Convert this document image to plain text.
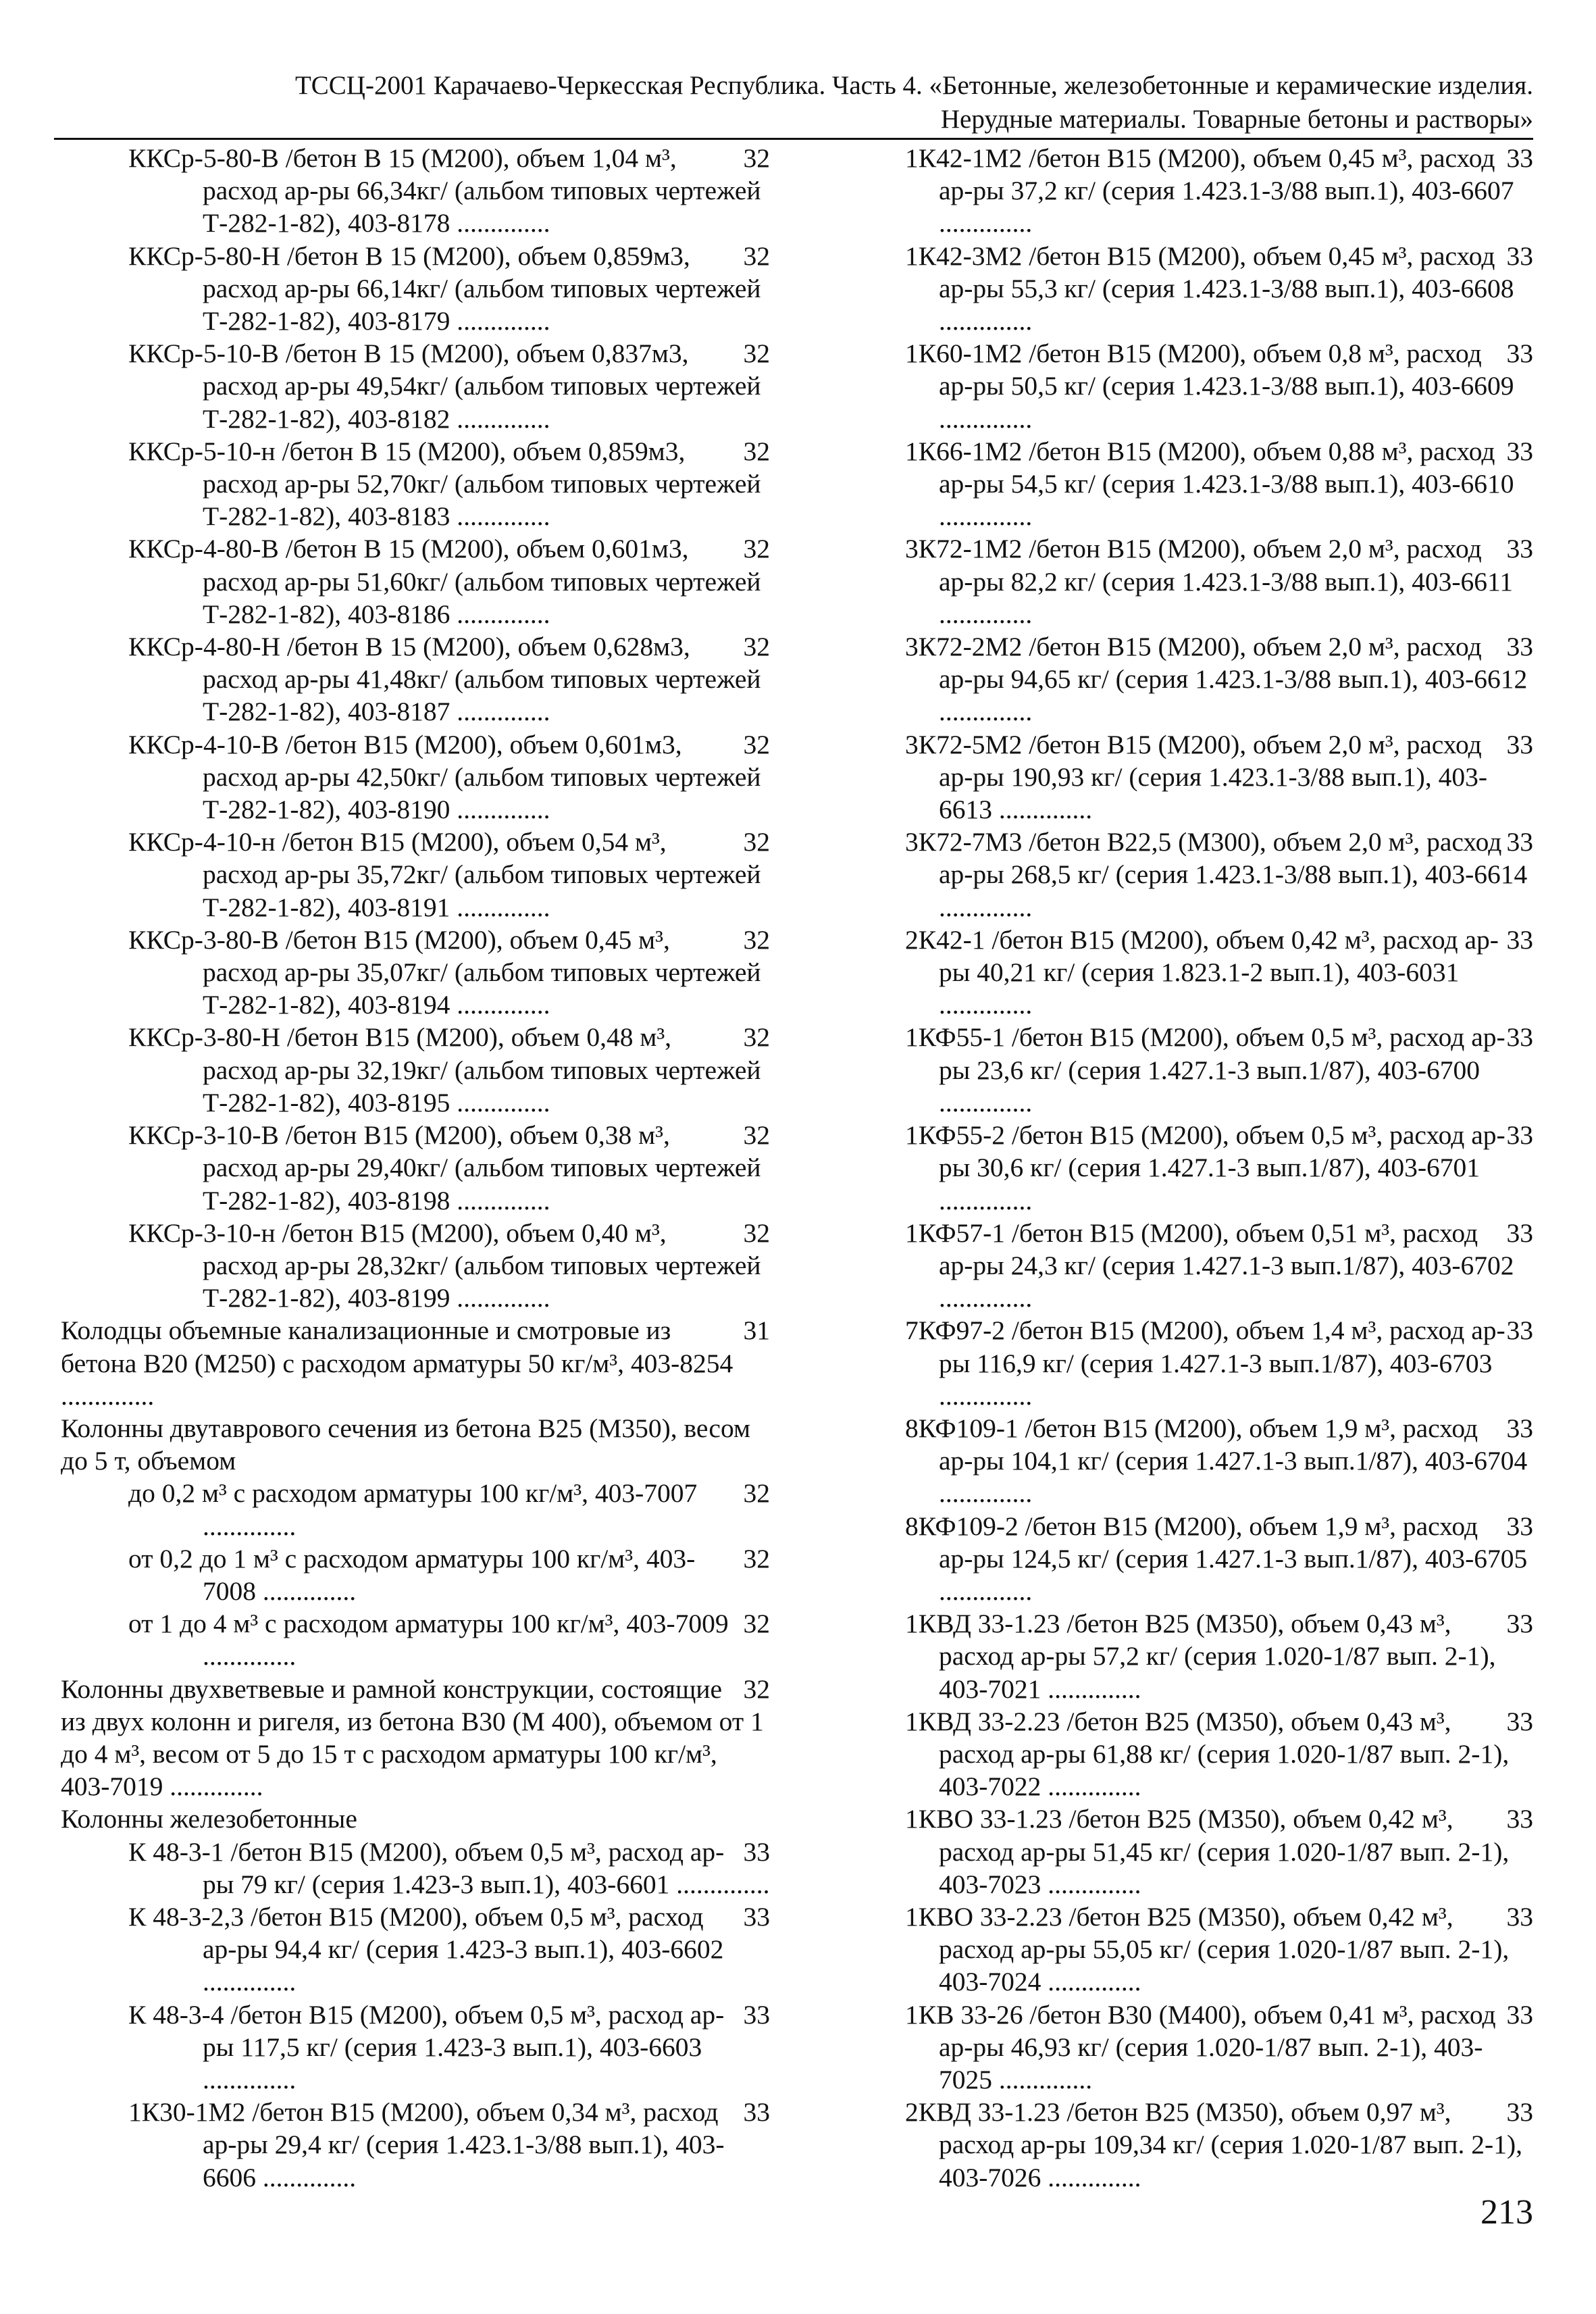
ТССЦ-2001 Карачаево-Черкесская Республика. Часть 4. «Бетонные, железобетонные и керамические изделия.
Нерудные материалы. Товарные бетоны и растворы»
32
ККСр-5-80-В /бетон В 15 (М200), объем 1,04 м³, расход ар-ры 66,34кг/ (альбом типовых чертежей Т-282-1-82), 403-8178 ..............
32
ККСр-5-80-Н /бетон В 15 (М200), объем 0,859м3, расход ар-ры 66,14кг/ (альбом типовых чертежей Т-282-1-82), 403-8179 ..............
32
ККСр-5-10-В /бетон В 15 (М200), объем 0,837м3, расход ар-ры 49,54кг/ (альбом типовых чертежей Т-282-1-82), 403-8182 ..............
32
ККСр-5-10-н /бетон В 15 (М200), объем 0,859м3, расход ар-ры 52,70кг/ (альбом типовых чертежей Т-282-1-82), 403-8183 ..............
32
ККСр-4-80-В /бетон В 15 (М200), объем 0,601м3, расход ар-ры 51,60кг/ (альбом типовых чертежей Т-282-1-82), 403-8186 ..............
32
ККСр-4-80-Н /бетон В 15 (М200), объем 0,628м3, расход ар-ры 41,48кг/ (альбом типовых чертежей Т-282-1-82), 403-8187 ..............
32
ККСр-4-10-В /бетон В15 (М200), объем 0,601м3, расход ар-ры 42,50кг/ (альбом типовых чертежей Т-282-1-82), 403-8190 ..............
32
ККСр-4-10-н /бетон В15 (М200), объем 0,54 м³, расход ар-ры 35,72кг/ (альбом типовых чертежей Т-282-1-82), 403-8191 ..............
32
ККСр-3-80-В /бетон В15 (М200), объем 0,45 м³, расход ар-ры 35,07кг/ (альбом типовых чертежей Т-282-1-82), 403-8194 ..............
32
ККСр-3-80-Н /бетон В15 (М200), объем 0,48 м³, расход ар-ры 32,19кг/ (альбом типовых чертежей Т-282-1-82), 403-8195 ..............
32
ККСр-3-10-В /бетон В15 (М200), объем 0,38 м³, расход ар-ры 29,40кг/ (альбом типовых чертежей Т-282-1-82), 403-8198 ..............
32
ККСр-3-10-н /бетон В15 (М200), объем 0,40 м³, расход ар-ры 28,32кг/ (альбом типовых чертежей Т-282-1-82), 403-8199 ..............
31
Колодцы объемные канализационные и смотровые из бетона В20 (М250) с расходом арматуры 50 кг/м³, 403-8254 ..............
Колонны двутаврового сечения из бетона В25 (М350), весом до 5 т, объемом
32
до 0,2 м³ с расходом арматуры 100 кг/м³, 403-7007 ..............
32
от 0,2 до 1 м³ с расходом арматуры 100 кг/м³, 403-7008 ..............
32
от 1 до 4 м³ с расходом арматуры 100 кг/м³, 403-7009 ..............
32
Колонны двухветвевые и рамной конструкции, состоящие из двух колонн и ригеля, из бетона В30 (М 400), объемом от 1 до 4 м³, весом от 5 до 15 т с расходом арматуры 100 кг/м³, 403-7019 ..............
Колонны железобетонные
33
К 48-3-1 /бетон В15 (М200), объем 0,5 м³, расход ар-ры 79 кг/ (серия 1.423-3 вып.1), 403-6601 ..............
33
К 48-3-2,3 /бетон В15 (М200), объем 0,5 м³, расход ар-ры 94,4 кг/ (серия 1.423-3 вып.1), 403-6602 ..............
33
К 48-3-4 /бетон В15 (М200), объем 0,5 м³, расход ар-ры 117,5 кг/ (серия 1.423-3 вып.1), 403-6603 ..............
33
1К30-1М2 /бетон В15 (М200), объем 0,34 м³, расход ар-ры 29,4 кг/ (серия 1.423.1-3/88 вып.1), 403-6606 ..............
33
1К42-1М2 /бетон В15 (М200), объем 0,45 м³, расход ар-ры 37,2 кг/ (серия 1.423.1-3/88 вып.1), 403-6607 ..............
33
1К42-3М2 /бетон В15 (М200), объем 0,45 м³, расход ар-ры 55,3 кг/ (серия 1.423.1-3/88 вып.1), 403-6608 ..............
33
1К60-1М2 /бетон В15 (М200), объем 0,8 м³, расход ар-ры 50,5 кг/ (серия 1.423.1-3/88 вып.1), 403-6609 ..............
33
1К66-1М2 /бетон В15 (М200), объем 0,88 м³, расход ар-ры 54,5 кг/ (серия 1.423.1-3/88 вып.1), 403-6610 ..............
33
3К72-1М2 /бетон В15 (М200), объем 2,0 м³, расход ар-ры 82,2 кг/ (серия 1.423.1-3/88 вып.1), 403-6611 ..............
33
3К72-2М2 /бетон В15 (М200), объем 2,0 м³, расход ар-ры 94,65 кг/ (серия 1.423.1-3/88 вып.1), 403-6612 ..............
33
3К72-5М2 /бетон В15 (М200), объем 2,0 м³, расход ар-ры 190,93 кг/ (серия 1.423.1-3/88 вып.1), 403-6613 ..............
33
3К72-7М3 /бетон В22,5 (М300), объем 2,0 м³, расход ар-ры 268,5 кг/ (серия 1.423.1-3/88 вып.1), 403-6614 ..............
33
2К42-1 /бетон В15 (М200), объем 0,42 м³, расход ар-ры 40,21 кг/ (серия 1.823.1-2 вып.1), 403-6031 ..............
33
1КФ55-1 /бетон В15 (М200), объем 0,5 м³, расход ар-ры 23,6 кг/ (серия 1.427.1-3 вып.1/87), 403-6700 ..............
33
1КФ55-2 /бетон В15 (М200), объем 0,5 м³, расход ар-ры 30,6 кг/ (серия 1.427.1-3 вып.1/87), 403-6701 ..............
33
1КФ57-1 /бетон В15 (М200), объем 0,51 м³, расход ар-ры 24,3 кг/ (серия 1.427.1-3 вып.1/87), 403-6702 ..............
33
7КФ97-2 /бетон В15 (М200), объем 1,4 м³, расход ар-ры 116,9 кг/ (серия 1.427.1-3 вып.1/87), 403-6703 ..............
33
8КФ109-1 /бетон В15 (М200), объем 1,9 м³, расход ар-ры 104,1 кг/ (серия 1.427.1-3 вып.1/87), 403-6704 ..............
33
8КФ109-2 /бетон В15 (М200), объем 1,9 м³, расход ар-ры 124,5 кг/ (серия 1.427.1-3 вып.1/87), 403-6705 ..............
33
1КВД 33-1.23 /бетон В25 (М350), объем 0,43 м³, расход ар-ры 57,2 кг/ (серия 1.020-1/87 вып. 2-1), 403-7021 ..............
33
1КВД 33-2.23 /бетон В25 (М350), объем 0,43 м³, расход ар-ры 61,88 кг/ (серия 1.020-1/87 вып. 2-1), 403-7022 ..............
33
1КВО 33-1.23 /бетон В25 (М350), объем 0,42 м³, расход ар-ры 51,45 кг/ (серия 1.020-1/87 вып. 2-1), 403-7023 ..............
33
1КВО 33-2.23 /бетон В25 (М350), объем 0,42 м³, расход ар-ры 55,05 кг/ (серия 1.020-1/87 вып. 2-1), 403-7024 ..............
33
1КВ 33-26 /бетон В30 (М400), объем 0,41 м³, расход ар-ры 46,93 кг/ (серия 1.020-1/87 вып. 2-1), 403-7025 ..............
33
2КВД 33-1.23 /бетон В25 (М350), объем 0,97 м³, расход ар-ры 109,34 кг/ (серия 1.020-1/87 вып. 2-1), 403-7026 ..............
213
